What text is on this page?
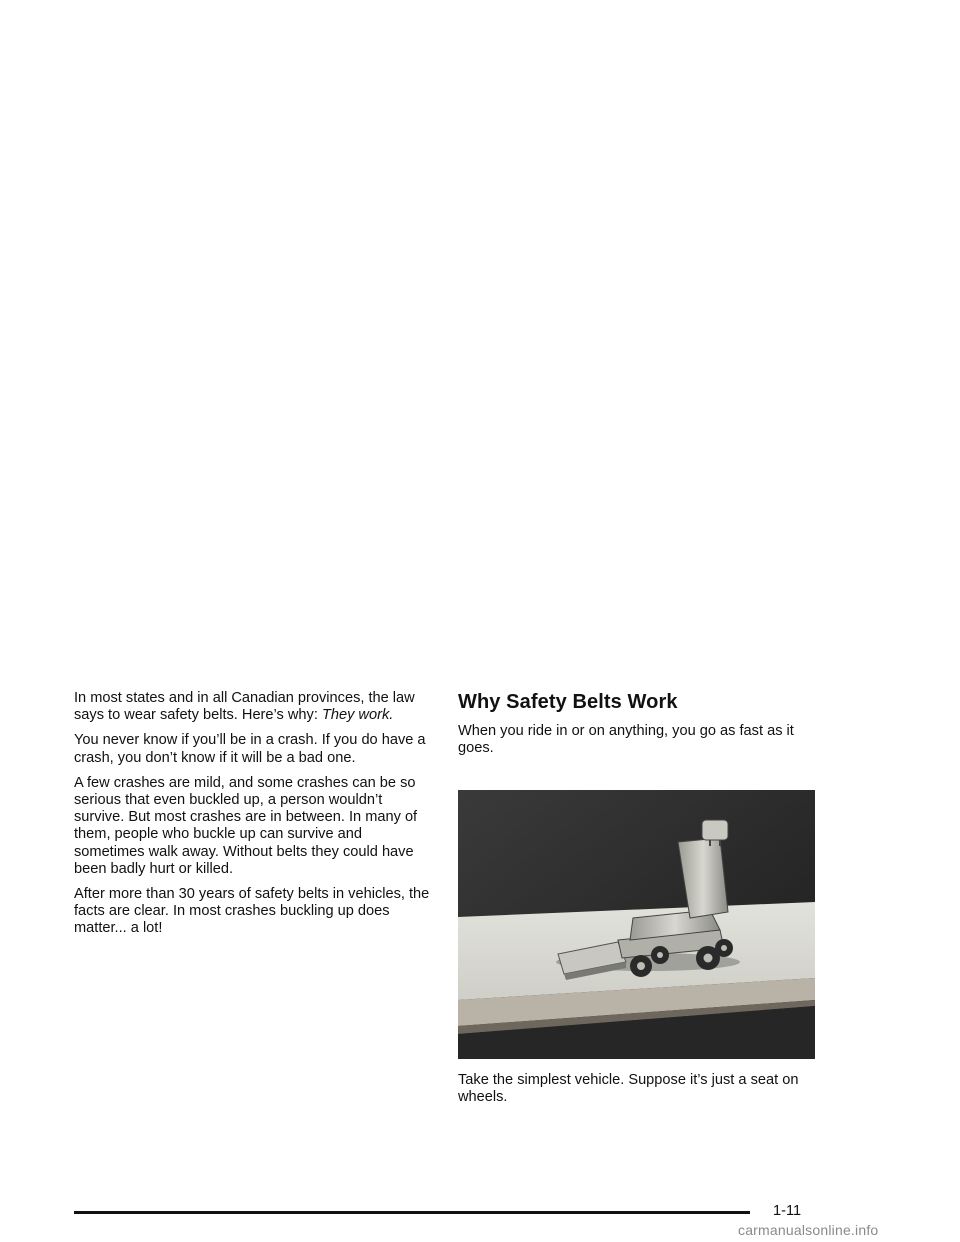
In most states and in all Canadian provinces, the law says to wear safety belts. Here’s why: They work.

You never know if you’ll be in a crash. If you do have a crash, you don’t know if it will be a bad one.

A few crashes are mild, and some crashes can be so serious that even buckled up, a person wouldn’t survive. But most crashes are in between. In many of them, people who buckle up can survive and sometimes walk away. Without belts they could have been badly hurt or killed.

After more than 30 years of safety belts in vehicles, the facts are clear. In most crashes buckling up does matter... a lot!

Why Safety Belts Work

When you ride in or on anything, you go as fast as it goes.

Take the simplest vehicle. Suppose it’s just a seat on wheels.

1-11
carmanualsonline.info
